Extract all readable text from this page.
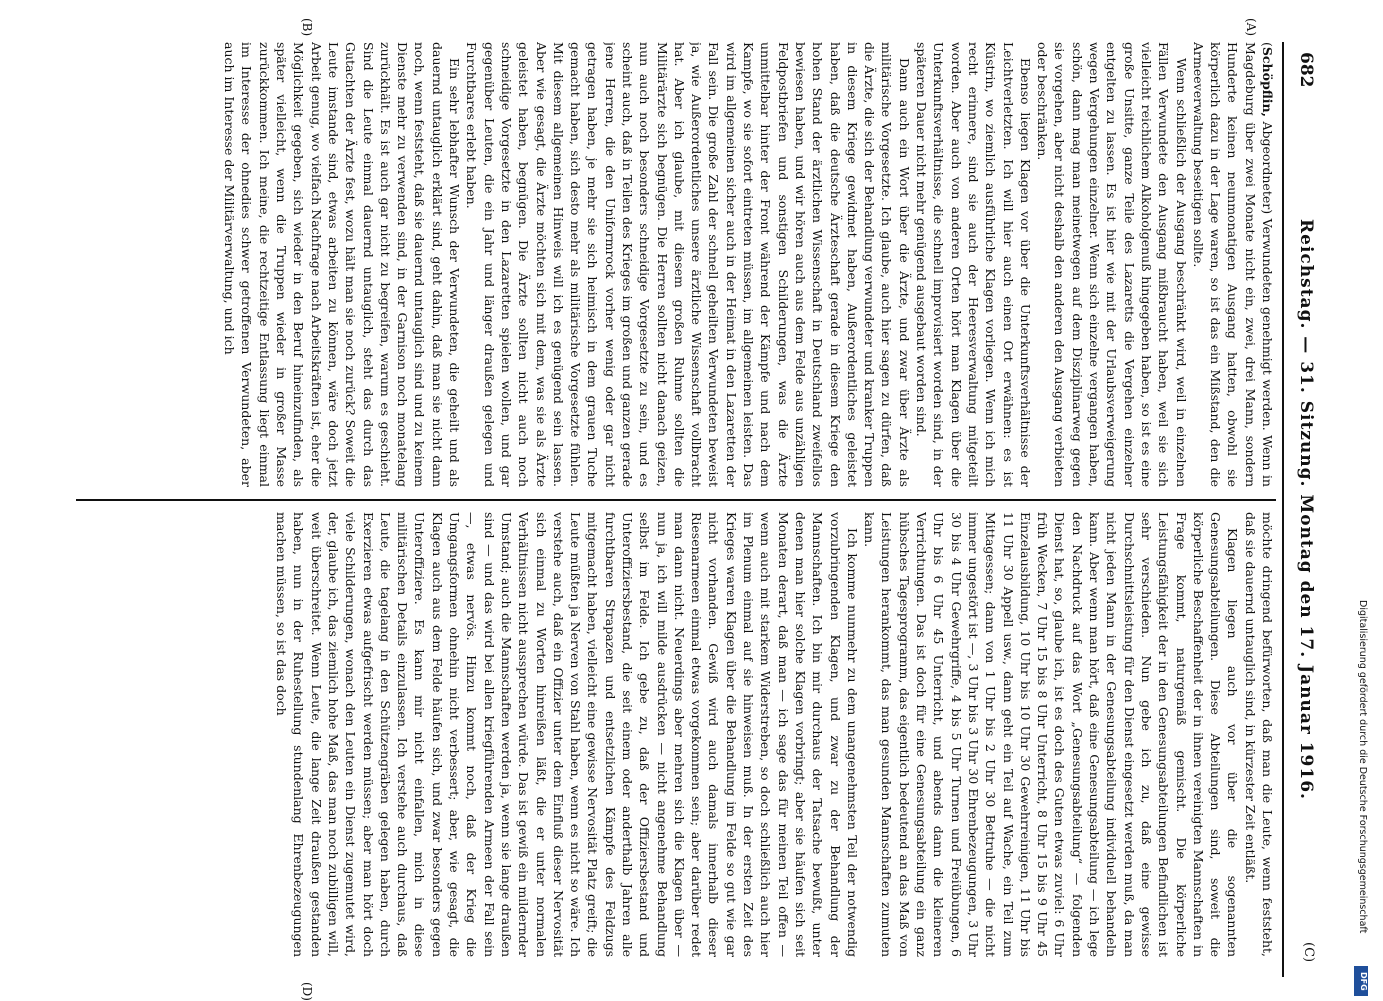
682
Reichstag. — 31. Sitzung. Montag den 17. Januar 1916.
(C)
(A)
(B)
(D)

(Schöpflin, Abgeordneter) Verwundeten genehmigt werden. Wenn in Magdeburg über zwei Monate nicht ein, zwei, drei Mann, sondern Hunderte keinen neunmonatigen Ausgang hatten, obwohl sie körperlich dazu in der Lage waren, so ist das ein Mißstand, den die Armeeverwaltung beseitigen sollte.

Wenn schließlich der Ausgang beschränkt wird, weil in einzelnen Fällen Verwundete den Ausgang mißbraucht haben, weil sie sich vielleicht reichlichem Alkoholgenuß hingegeben haben, so ist es eine große Unsitte, ganze Teile des Lazaretts die Vergehen einzelner entgelten zu lassen. Es ist hier wie mit der Urlaubsverweigerung wegen Vergehungen einzelner. Wenn sich einzelne vergangen haben, schön, dann mag man meinetwegen auf dem Disziplinarweg gegen sie vorgehen, aber nicht deshalb den anderen den Ausgang verbieten oder beschränken.

Ebenso liegen Klagen vor über die Unterkunftsverhältnisse der Leichtverletzten. Ich will hier auch einen Ort erwähnen: es ist Küstrin, wo ziemlich ausführliche Klagen vorliegen. Wenn ich mich recht erinnere, sind sie auch der Heeresverwaltung mitgeteilt worden. Aber auch von anderen Orten hört man Klagen über die Unterkunftsverhältnisse, die schnell improvisiert worden sind, in der späteren Dauer nicht mehr genügend ausgebaut worden sind.

Dann auch ein Wort über die Ärzte, und zwar über Ärzte als militärische Vorgesetzte. Ich glaube, auch hier sagen zu dürfen, daß die Ärzte, die sich der Behandlung verwundeter und kranker Truppen in diesem Kriege gewidmet haben, Außerordentliches geleistet haben, daß die deutsche Ärzteschaft gerade in diesem Kriege den hohen Stand der ärztlichen Wissenschaft in Deutschland zweifellos bewiesen haben, und wir hören auch aus dem Felde aus unzähligen Feldpostbriefen und sonstigen Schilderungen, was die Ärzte unmittelbar hinter der Front während der Kämpfe und nach dem Kampfe, wo sie sofort eintreten müssen, im allgemeinen leisten. Das wird im allgemeinen sicher auch in der Heimat in den Lazaretten der Fall sein. Die große Zahl der schnell geheilten Verwundeten beweist ja, wie Außerordentliches unsere ärztliche Wissenschaft vollbracht hat. Aber ich glaube, mit diesem großen Ruhme sollten die Militärärzte sich begnügen. Die Herren sollten nicht danach geizen, nun auch noch besonders schneidige Vorgesetzte zu sein, und es scheint auch, daß in Teilen des Krieges im großen und ganzen gerade jene Herren, die den Uniformrock vorher wenig oder gar nicht getragen haben, je mehr sie sich heimisch in dem grauen Tuche gemacht haben, sich desto mehr als militärische Vorgesetzte fühlen. Mit diesem allgemeinen Hinweis will ich es genügend sein lassen. Aber wie gesagt, die Ärzte möchten sich mit dem, was sie als Ärzte geleistet haben, begnügen. Die Ärzte sollten nicht auch noch schneidige Vorgesetzte in den Lazaretten spielen wollen, und gar gegenüber Leuten, die ein Jahr und länger draußen gelegen und Furchtbares erlebt haben.

Ein sehr lebhafter Wunsch der Verwundeten, die geheilt und als dauernd untauglich erklärt sind, geht dahin, daß man sie nicht dann noch, wenn feststeht, daß sie dauernd untauglich sind und zu keinem Dienste mehr zu verwenden sind, in der Garnison noch monatelang zurückhält. Es ist auch gar nicht zu begreifen, warum es geschieht. Sind die Leute einmal dauernd untauglich, steht das durch das Gutachten der Ärzte fest, wozu hält man sie noch zurück? Soweit die Leute imstande sind, etwas arbeiten zu können, wäre doch jetzt Arbeit genug, wo vielfach Nachfrage nach Arbeitskräften ist, eher die Möglichkeit gegeben, sich wieder in den Beruf hineinzufinden, als später vielleicht, wenn die Truppen wieder in großer Masse zurückkommen. Ich meine, die rechtzeitige Entlassung liegt einmal im Interesse der ohnedies schwer getroffenen Verwundeten, aber auch im Interesse der Militärverwaltung, und ich

möchte dringend befürworten, daß man die Leute, wenn feststeht, daß sie dauernd untauglich sind, in kürzester Zeit entläßt.

Klagen liegen auch vor über die sogenannten Genesungsabteilungen. Diese Abteilungen sind, soweit die körperliche Beschaffenheit der in ihnen vereinigten Mannschaften in Frage kommt, naturgemäß gemischt. Die körperliche Leistungsfähigkeit der in den Genesungsabteilungen Befindlichen ist sehr verschieden. Nun gebe ich zu, daß eine gewisse Durchschnittsleistung für den Dienst eingesetzt werden muß, da man nicht jeden Mann in der Genesungsabteilung individuell behandeln kann. Aber wenn man hört, daß eine Genesungsabteilung — ich lege den Nachdruck auf das Wort „Genesungsabteilung“ — folgenden Dienst hat, so, glaube ich, ist es doch des Guten etwas zuviel: 6 Uhr früh Wecken, 7 Uhr 15 bis 8 Uhr Unterricht, 8 Uhr 15 bis 9 Uhr 45 Einzelausbildung, 10 Uhr bis 10 Uhr 30 Gewehrreinigen, 11 Uhr bis 11 Uhr 30 Appell usw., dann geht ein Teil auf Wache, ein Teil zum Mittagessen; dann von 1 Uhr bis 2 Uhr 30 Bettruhe — die nicht immer ungestört ist —, 3 Uhr bis 3 Uhr 30 Ehrenbezeugungen, 3 Uhr 30 bis 4 Uhr Gewehrgriffe, 4 bis 5 Uhr Turnen und Freiübungen, 6 Uhr bis 6 Uhr 45 Unterricht, und abends dann die kleineren Verrichtungen. Das ist doch für eine Genesungsabteilung ein ganz hübsches Tagesprogramm, das eigentlich bedeutend an das Maß von Leistungen herankommt, das man gesunden Mannschaften zumuten kann.

Ich komme nunmehr zu dem unangenehmsten Teil der notwendig vorzubringenden Klagen, und zwar zu der Behandlung der Mannschaften. Ich bin mir durchaus der Tatsache bewußt, unter denen man hier solche Klagen vorbringt; aber sie häufen sich seit Monaten derart, daß man — ich sage das für meinen Teil offen — wenn auch mit starkem Widerstreben, so doch schließlich auch hier im Plenum einmal auf sie hinweisen muß. In der ersten Zeit des Krieges waren Klagen über die Behandlung im Felde so gut wie gar nicht vorhanden. Gewiß wird auch damals innerhalb dieser Riesenarmeen einmal etwas vorgekommen sein; aber darüber redet man dann nicht. Neuerdings aber mehren sich die Klagen über — nun ja, ich will milde ausdrücken — nicht angenehme Behandlung selbst im Felde. Ich gebe zu, daß der Offiziersbestand und Unteroffiziersbestand, die seit einem oder anderthalb Jahren alle furchtbaren Strapazen und entsetzlichen Kämpfe des Feldzugs mitgemacht haben, vielleicht eine gewisse Nervosität Platz greift; die Leute müßten ja Nerven von Stahl haben, wenn es nicht so wäre. Ich verstehe auch, daß ein Offizier unter dem Einfluß dieser Nervosität sich einmal zu Worten hinreißen läßt, die er unter normalen Verhältnissen nicht aussprechen würde. Das ist gewiß ein mildernder Umstand; auch die Mannschaften werden ja, wenn sie lange draußen sind — und das wird bei allen kriegführenden Armeen der Fall sein —, etwas nervös. Hinzu kommt noch, daß der Krieg die Umgangsformen ohnehin nicht verbessert; aber, wie gesagt, die Klagen auch aus dem Felde häufen sich, und zwar besonders gegen Unteroffiziere. Es kann mir nicht einfallen, mich in diese militärischen Details einzulassen. Ich verstehe auch durchaus, daß Leute, die tagelang in den Schützengräben gelegen haben, durch Exerzieren etwas aufgefrischt werden müssen; aber man hört doch viele Schilderungen, wonach den Leuten ein Dienst zugemutet wird, der, glaube ich, das ziemlich hohe Maß, das man noch zubilligen will, weit überschreitet. Wenn Leute, die lange Zeit draußen gestanden haben, nun in der Ruhestellung stundenlang Ehrenbezeugungen machen müssen, so ist das doch	Digitalisierung gefördert durch die Deutsche Forschungsgemeinschaft
DFG
